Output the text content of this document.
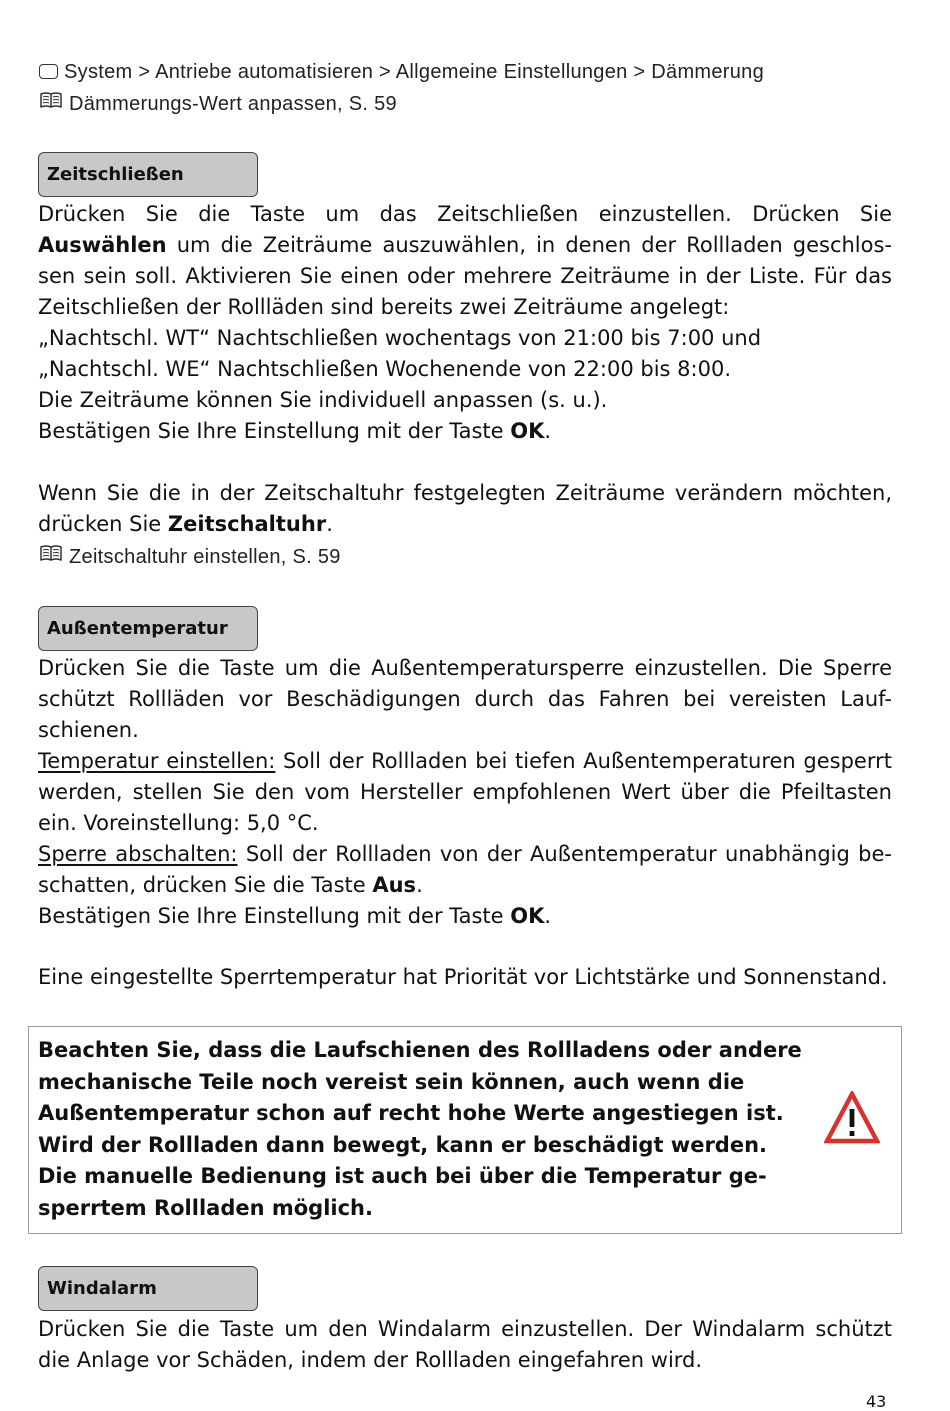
System > Antriebe automatisieren > Allgemeine Einstellungen > Dämmerung
Dämmerungs-Wert anpassen, S. 59
Zeitschließen
Drücken Sie die Taste um das Zeitschließen einzustellen. Drücken Sie
Auswählen um die Zeiträume auszuwählen, in denen der Rollladen geschlos-
sen sein soll. Aktivieren Sie einen oder mehrere Zeiträume in der Liste. Für das
Zeitschließen der Rollläden sind bereits zwei Zeiträume angelegt:
„Nachtschl. WT“ Nachtschließen wochentags von 21:00 bis 7:00 und
„Nachtschl. WE“ Nachtschließen Wochenende von 22:00 bis 8:00.
Die Zeiträume können Sie individuell anpassen (s. u.).
Bestätigen Sie Ihre Einstellung mit der Taste OK.
Wenn Sie die in der Zeitschaltuhr festgelegten Zeiträume verändern möchten,
drücken Sie Zeitschaltuhr.
Zeitschaltuhr einstellen, S. 59
Außentemperatur
Drücken Sie die Taste um die Außentemperatursperre einzustellen. Die Sperre
schützt Rollläden vor Beschädigungen durch das Fahren bei vereisten Lauf-
schienen.
Temperatur einstellen: Soll der Rollladen bei tiefen Außentemperaturen gesperrt
werden, stellen Sie den vom Hersteller empfohlenen Wert über die Pfeiltasten
ein. Voreinstellung: 5,0 °C.
Sperre abschalten: Soll der Rollladen von der Außentemperatur unabhängig be-
schatten, drücken Sie die Taste Aus.
Bestätigen Sie Ihre Einstellung mit der Taste OK.
Eine eingestellte Sperrtemperatur hat Priorität vor Lichtstärke und Sonnenstand.
Beachten Sie, dass die Laufschienen des Rollladens oder andere
mechanische Teile noch vereist sein können, auch wenn die
Außentemperatur schon auf recht hohe Werte angestiegen ist.
Wird der Rollladen dann bewegt, kann er beschädigt werden.
Die manuelle Bedienung ist auch bei über die Temperatur ge-
sperrtem Rollladen möglich.
Windalarm
Drücken Sie die Taste um den Windalarm einzustellen. Der Windalarm schützt
die Anlage vor Schäden, indem der Rollladen eingefahren wird.
43
